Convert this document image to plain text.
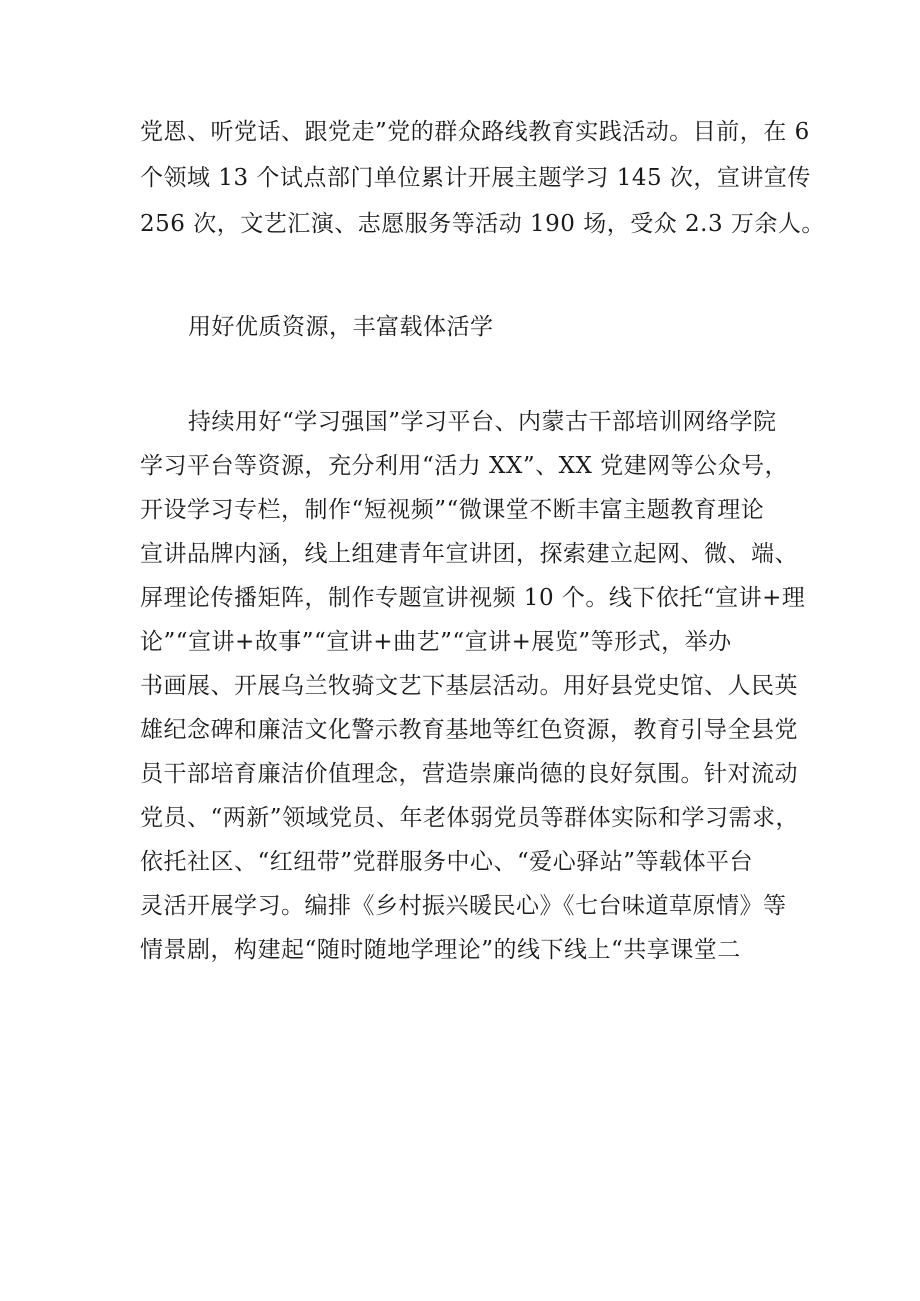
党恩、听党话、跟党走”党的群众路线教育实践活动。目前，在 6
个领域 13 个试点部门单位累计开展主题学习 145 次，宣讲宣传
256 次，文艺汇演、志愿服务等活动 190 场，受众 2.3 万余人。
用好优质资源，丰富载体活学
持续用好“学习强国”学习平台、内蒙古干部培训网络学院
学习平台等资源，充分利用“活力 XX”、XX 党建网等公众号，
开设学习专栏，制作“短视频”“微课堂不断丰富主题教育理论
宣讲品牌内涵，线上组建青年宣讲团，探索建立起网、微、端、
屏理论传播矩阵，制作专题宣讲视频 10 个。线下依托“宣讲+理
论”“宣讲+故事”“宣讲+曲艺”“宣讲+展览”等形式，举办
书画展、开展乌兰牧骑文艺下基层活动。用好县党史馆、人民英
雄纪念碑和廉洁文化警示教育基地等红色资源，教育引导全县党
员干部培育廉洁价值理念，营造崇廉尚德的良好氛围。针对流动
党员、“两新”领域党员、年老体弱党员等群体实际和学习需求，
依托社区、“红纽带”党群服务中心、“爱心驿站”等载体平台
灵活开展学习。编排《乡村振兴暖民心》《七台味道草原情》等
情景剧，构建起“随时随地学理论”的线下线上“共享课堂二
